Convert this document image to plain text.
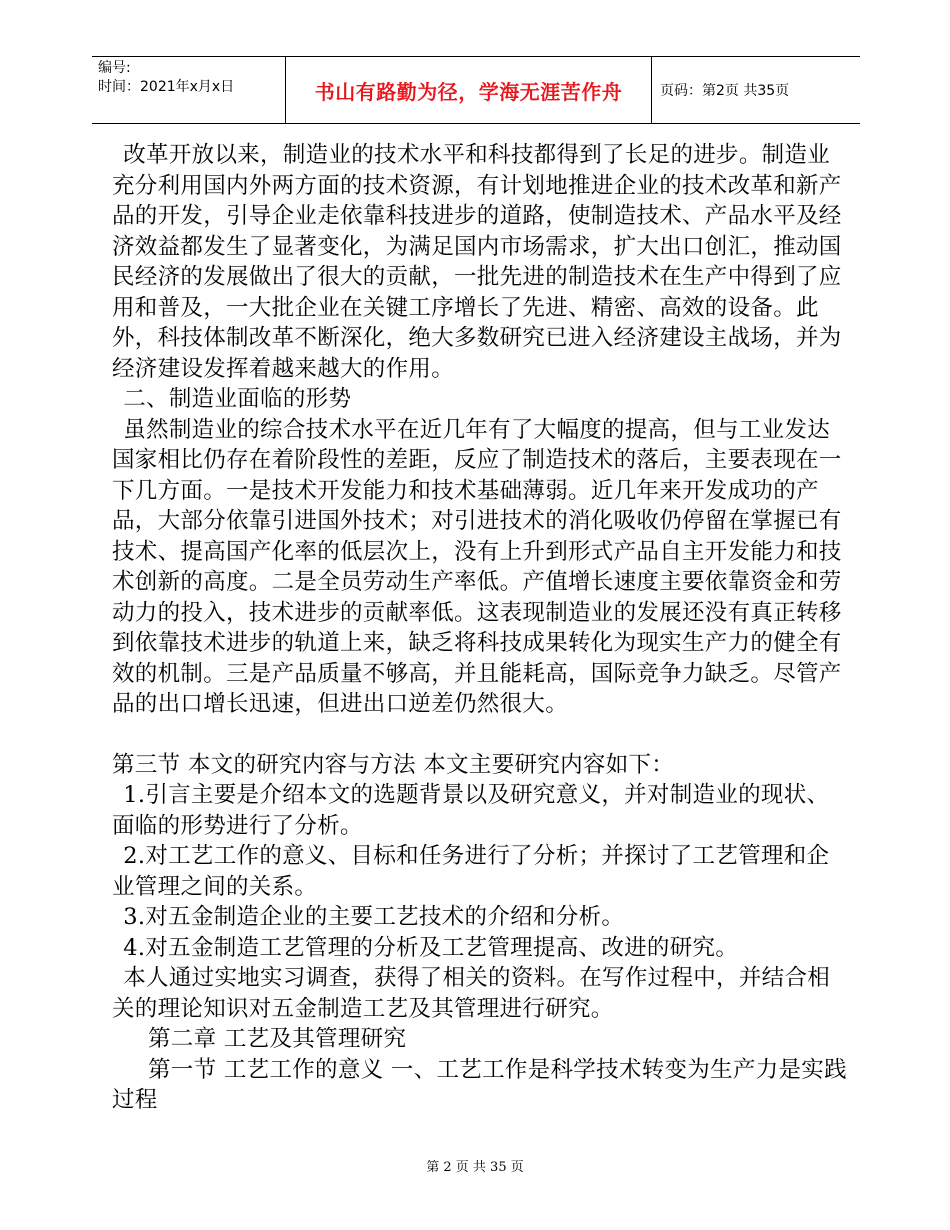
编号:
时间：2021年x月x日	书山有路勤为径，学海无涯苦作舟	页码：第2页 共35页

改革开放以来，制造业的技术水平和科技都得到了长足的进步。制造业充分利用国内外两方面的技术资源，有计划地推进企业的技术改革和新产品的开发，引导企业走依靠科技进步的道路，使制造技术、产品水平及经济效益都发生了显著变化，为满足国内市场需求，扩大出口创汇，推动国民经济的发展做出了很大的贡献，一批先进的制造技术在生产中得到了应用和普及，一大批企业在关键工序增长了先进、精密、高效的设备。此外，科技体制改革不断深化，绝大多数研究已进入经济建设主战场，并为经济建设发挥着越来越大的作用。

二、制造业面临的形势

虽然制造业的综合技术水平在近几年有了大幅度的提高，但与工业发达国家相比仍存在着阶段性的差距，反应了制造技术的落后，主要表现在一下几方面。一是技术开发能力和技术基础薄弱。近几年来开发成功的产品，大部分依靠引进国外技术；对引进技术的消化吸收仍停留在掌握已有技术、提高国产化率的低层次上，没有上升到形式产品自主开发能力和技术创新的高度。二是全员劳动生产率低。产值增长速度主要依靠资金和劳动力的投入，技术进步的贡献率低。这表现制造业的发展还没有真正转移到依靠技术进步的轨道上来，缺乏将科技成果转化为现实生产力的健全有效的机制。三是产品质量不够高，并且能耗高，国际竞争力缺乏。尽管产品的出口增长迅速，但进出口逆差仍然很大。

第三节 本文的研究内容与方法 本文主要研究内容如下：

1.引言主要是介绍本文的选题背景以及研究意义，并对制造业的现状、面临的形势进行了分析。

2.对工艺工作的意义、目标和任务进行了分析；并探讨了工艺管理和企业管理之间的关系。

3.对五金制造企业的主要工艺技术的介绍和分析。

4.对五金制造工艺管理的分析及工艺管理提高、改进的研究。

本人通过实地实习调查，获得了相关的资料。在写作过程中，并结合相关的理论知识对五金制造工艺及其管理进行研究。

第二章 工艺及其管理研究

第一节 工艺工作的意义 一、工艺工作是科学技术转变为生产力是实践过程

第 2 页 共 35 页
